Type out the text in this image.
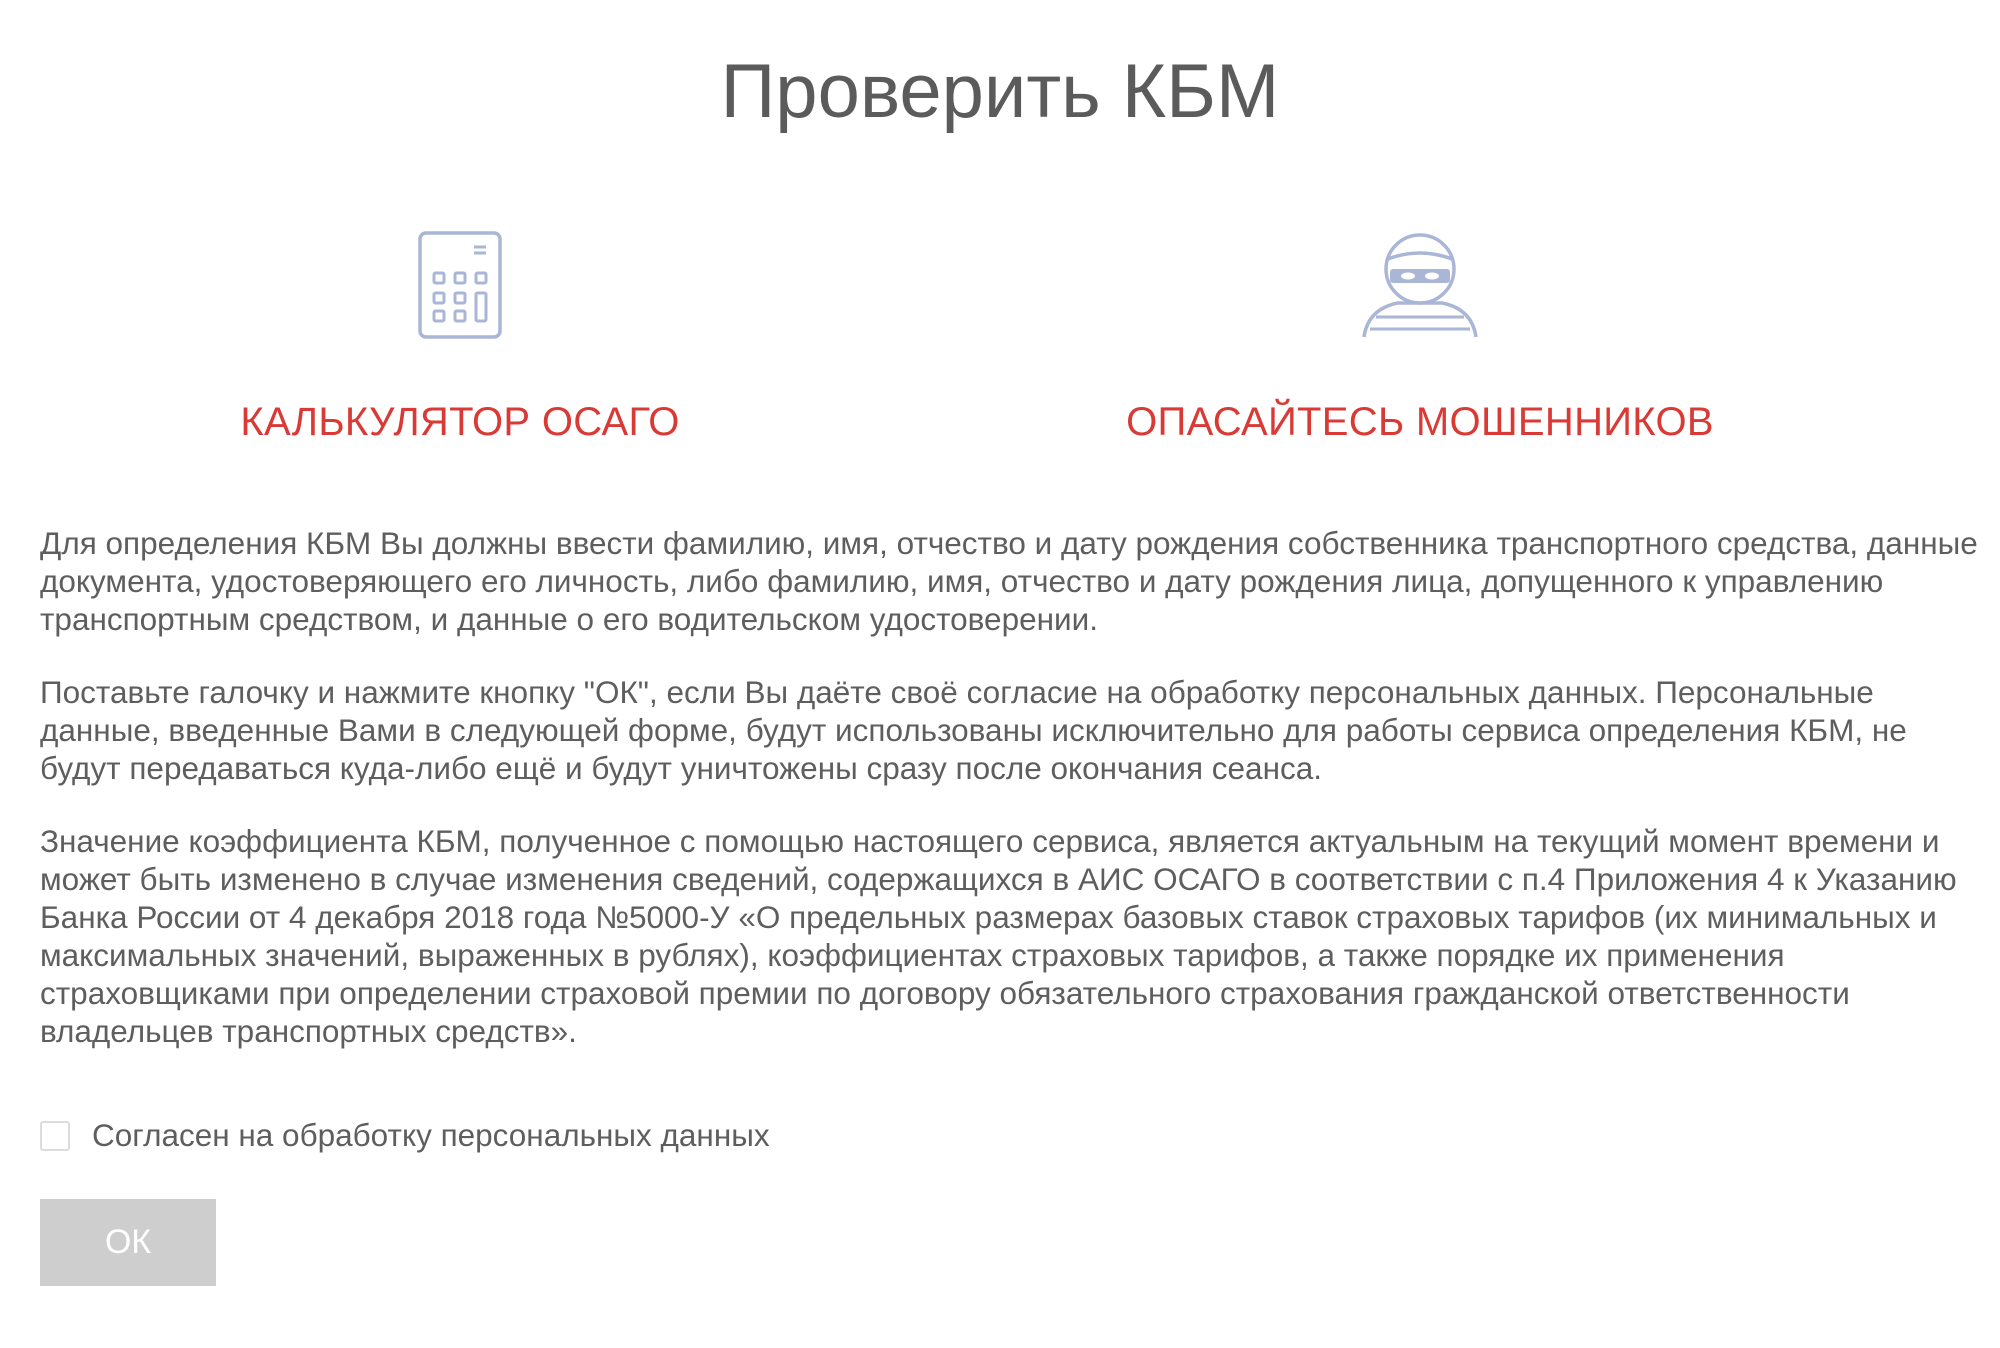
Проверить КБМ
КАЛЬКУЛЯТОР ОСАГО	ОПАСАЙТЕСЬ МОШЕННИКОВ

Для определения КБМ Вы должны ввести фамилию, имя, отчество и дату рождения собственника транспортного средства, данные документа, удостоверяющего его личность, либо фамилию, имя, отчество и дату рождения лица, допущенного к управлению транспортным средством, и данные о его водительском удостоверении.

Поставьте галочку и нажмите кнопку "ОК", если Вы даёте своё согласие на обработку персональных данных. Персональные данные, введенные Вами в следующей форме, будут использованы исключительно для работы сервиса определения КБМ, не будут передаваться куда-либо ещё и будут уничтожены сразу после окончания сеанса.

Значение коэффициента КБМ, полученное с помощью настоящего сервиса, является актуальным на текущий момент времени и может быть изменено в случае изменения сведений, содержащихся в АИС ОСАГО в соответствии с п.4 Приложения 4 к Указанию Банка России от 4 декабря 2018 года №5000-У «О предельных размерах базовых ставок страховых тарифов (их минимальных и максимальных значений, выраженных в рублях), коэффициентах страховых тарифов, а также порядке их применения страховщиками при определении страховой премии по договору обязательного страхования гражданской ответственности владельцев транспортных средств».

Согласен на обработку персональных данных
ОК
